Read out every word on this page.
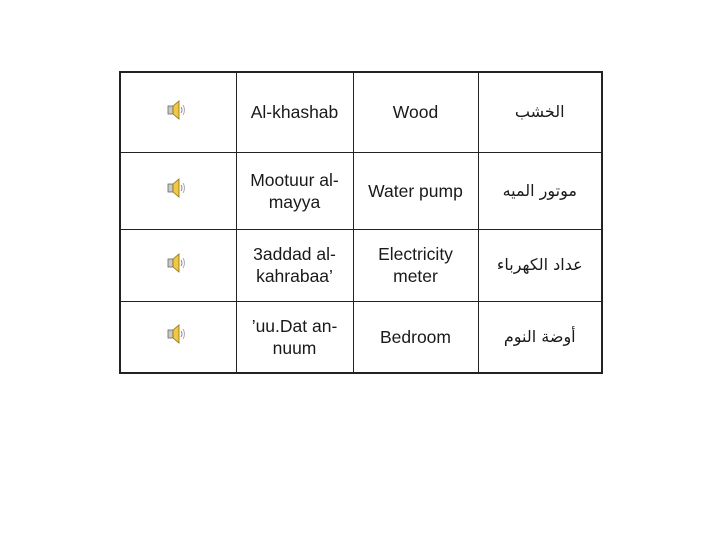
	Al-khashab	Wood	الخشب

	Mootuur al-mayya	Water pump	موتور الميه

	3addad al-kahrabaa’	Electricity meter	عداد الكهرباء

	’uu.Dat an-nuum	Bedroom	أوضة النوم
